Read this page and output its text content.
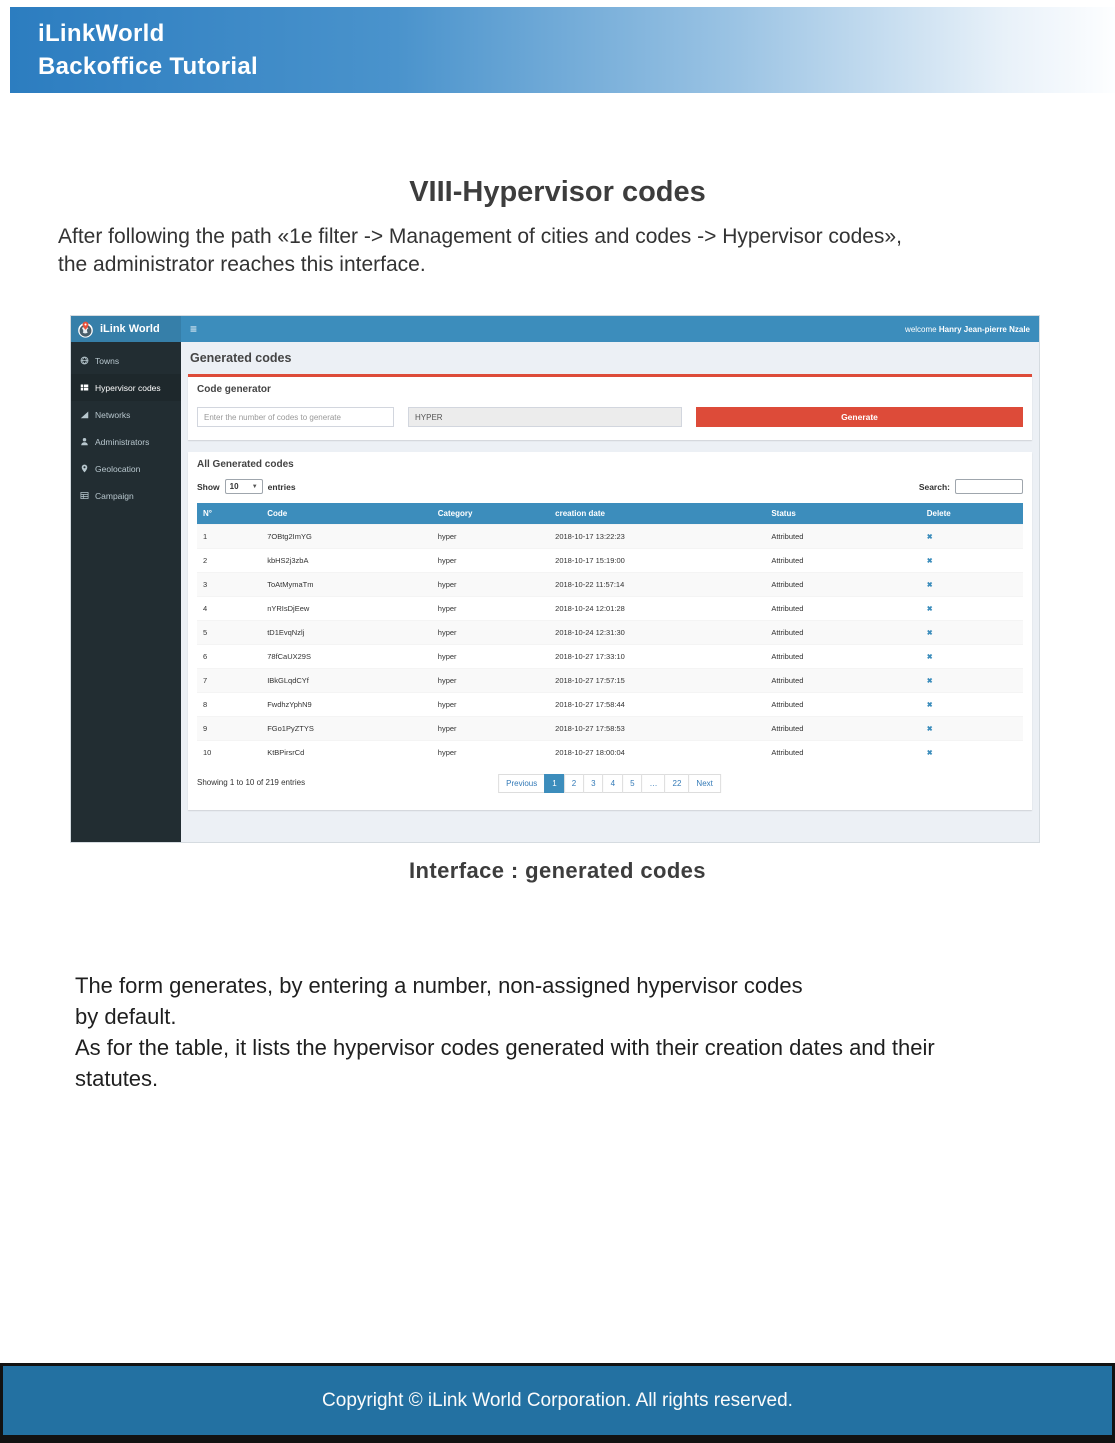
iLinkWorld
Backoffice Tutorial
VIII-Hypervisor codes
After following the path «1e filter -> Management of cities and codes -> Hypervisor codes»,
the administrator reaches this interface.
iLink World	≡	welcome Hanry Jean-pierre Nzale
Towns
Hypervisor codes
Networks
Administrators
Geolocation
Campaign
Generated codes
Code generator
Enter the number of codes to generate
HYPER
Generate
All Generated codes
Show 10 ▼ entries	Search:
N°	Code	Category	creation date	Status	Delete
1	7OBtg2ImYG	hyper	2018-10-17 13:22:23	Attributed	✖
2	kbHS2j3zbA	hyper	2018-10-17 15:19:00	Attributed	✖
3	ToAtMymaTm	hyper	2018-10-22 11:57:14	Attributed	✖
4	nYRIsDjEew	hyper	2018-10-24 12:01:28	Attributed	✖
5	tD1EvqNzlj	hyper	2018-10-24 12:31:30	Attributed	✖
6	78fCaUX29S	hyper	2018-10-27 17:33:10	Attributed	✖
7	IBkGLqdCYf	hyper	2018-10-27 17:57:15	Attributed	✖
8	FwdhzYphN9	hyper	2018-10-27 17:58:44	Attributed	✖
9	FGo1PyZTYS	hyper	2018-10-27 17:58:53	Attributed	✖
10	KtBPirsrCd	hyper	2018-10-27 18:00:04	Attributed	✖
Showing 1 to 10 of 219 entries	Previous	1	2	3	4	5	…	22	Next
Interface : generated codes
The form generates, by entering a number, non-assigned hypervisor codes
by default.
As for the table, it lists the hypervisor codes generated with their creation dates and their
statutes.
Copyright © iLink World Corporation. All rights reserved.
